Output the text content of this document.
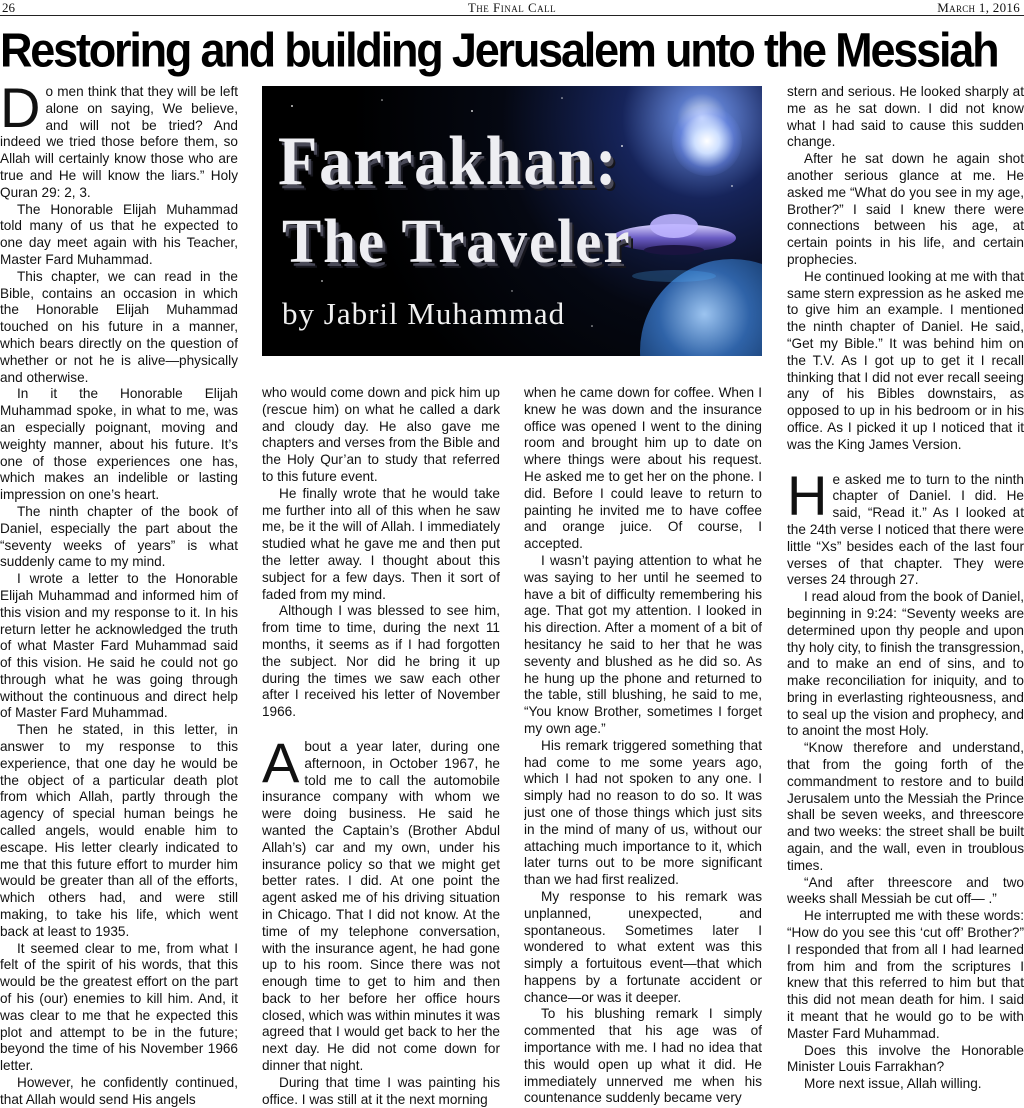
26	The Final Call	March 1, 2016
Restoring and building Jerusalem unto the Messiah

Do men think that they will be left alone on saying, We believe, and will not be tried? And indeed we tried those before them, so Allah will certainly know those who are true and He will know the liars.” Holy Quran 29: 2, 3.

The Honorable Elijah Muhammad told many of us that he expected to one day meet again with his Teacher, Master Fard Muhammad.

This chapter, we can read in the Bible, contains an occasion in which the Honorable Elijah Muhammad touched on his future in a manner, which bears directly on the question of whether or not he is alive—physically and otherwise.

In it the Honorable Elijah Muhammad spoke, in what to me, was an especially poignant, moving and weighty manner, about his future. It’s one of those experiences one has, which makes an indelible or lasting impression on one’s heart.

The ninth chapter of the book of Daniel, especially the part about the “seventy weeks of years” is what suddenly came to my mind.

I wrote a letter to the Honorable Elijah Muhammad and informed him of this vision and my response to it. In his return letter he acknowledged the truth of what Master Fard Muhammad said of this vision. He said he could not go through what he was going through without the continuous and direct help of Master Fard Muhammad.

Then he stated, in this letter, in answer to my response to this experience, that one day he would be the object of a particular death plot from which Allah, partly through the agency of special human beings he called angels, would enable him to escape. His letter clearly indicated to me that this future effort to murder him would be greater than all of the efforts, which others had, and were still making, to take his life, which went back at least to 1935.

It seemed clear to me, from what I felt of the spirit of his words, that this would be the greatest effort on the part of his (our) enemies to kill him. And, it was clear to me that he expected this plot and attempt to be in the future; beyond the time of his November 1966 letter.

However, he confidently continued, that Allah would send His angels

who would come down and pick him up (rescue him) on what he called a dark and cloudy day. He also gave me chapters and verses from the Bible and the Holy Qur’an to study that referred to this future event.

He finally wrote that he would take me further into all of this when he saw me, be it the will of Allah. I immediately studied what he gave me and then put the letter away. I thought about this subject for a few days. Then it sort of faded from my mind.

Although I was blessed to see him, from time to time, during the next 11 months, it seems as if I had forgotten the subject. Nor did he bring it up during the times we saw each other after I received his letter of November 1966.

About a year later, during one afternoon, in October 1967, he told me to call the automobile insurance company with whom we were doing business. He said he wanted the Captain’s (Brother Abdul Allah’s) car and my own, under his insurance policy so that we might get better rates. I did. At one point the agent asked me of his driving situation in Chicago. That I did not know. At the time of my telephone conversation, with the insurance agent, he had gone up to his room. Since there was not enough time to get to him and then back to her before her office hours closed, which was within minutes it was agreed that I would get back to her the next day. He did not come down for dinner that night.

During that time I was painting his office. I was still at it the next morning

when he came down for coffee. When I knew he was down and the insurance office was opened I went to the dining room and brought him up to date on where things were about his request. He asked me to get her on the phone. I did. Before I could leave to return to painting he invited me to have coffee and orange juice. Of course, I accepted.

I wasn’t paying attention to what he was saying to her until he seemed to have a bit of difficulty remembering his age. That got my attention. I looked in his direction. After a moment of a bit of hesitancy he said to her that he was seventy and blushed as he did so. As he hung up the phone and returned to the table, still blushing, he said to me, “You know Brother, sometimes I forget my own age.”

His remark triggered something that had come to me some years ago, which I had not spoken to any one. I simply had no reason to do so. It was just one of those things which just sits in the mind of many of us, without our attaching much importance to it, which later turns out to be more significant than we had first realized.

My response to his remark was unplanned, unexpected, and spontaneous. Sometimes later I wondered to what extent was this simply a fortuitous event—that which happens by a fortunate accident or chance—or was it deeper.

To his blushing remark I simply commented that his age was of importance with me. I had no idea that this would open up what it did. He immediately unnerved me when his countenance suddenly became very

stern and serious. He looked sharply at me as he sat down. I did not know what I had said to cause this sudden change.

After he sat down he again shot another serious glance at me. He asked me “What do you see in my age, Brother?” I said I knew there were connections between his age, at certain points in his life, and certain prophecies.

He continued looking at me with that same stern expression as he asked me to give him an example. I mentioned the ninth chapter of Daniel. He said, “Get my Bible.” It was behind him on the T.V. As I got up to get it I recall thinking that I did not ever recall seeing any of his Bibles downstairs, as opposed to up in his bedroom or in his office. As I picked it up I noticed that it was the King James Version.

He asked me to turn to the ninth chapter of Daniel. I did. He said, “Read it.” As I looked at the 24th verse I noticed that there were little “Xs” besides each of the last four verses of that chapter. They were verses 24 through 27.

I read aloud from the book of Daniel, beginning in 9:24: “Seventy weeks are determined upon thy people and upon thy holy city, to finish the transgression, and to make an end of sins, and to make reconciliation for iniquity, and to bring in everlasting righteousness, and to seal up the vision and prophecy, and to anoint the most Holy.

“Know therefore and understand, that from the going forth of the commandment to restore and to build Jerusalem unto the Messiah the Prince shall be seven weeks, and threescore and two weeks: the street shall be built again, and the wall, even in troublous times.

“And after threescore and two weeks shall Messiah be cut off— .”

He interrupted me with these words: “How do you see this ‘cut off’ Brother?” I responded that from all I had learned from him and from the scriptures I knew that this referred to him but that this did not mean death for him. I said it meant that he would go to be with Master Fard Muhammad.

Does this involve the Honorable Minister Louis Farrakhan?

More next issue, Allah willing.

Farrakhan:
The Traveler
by Jabril Muhammad
